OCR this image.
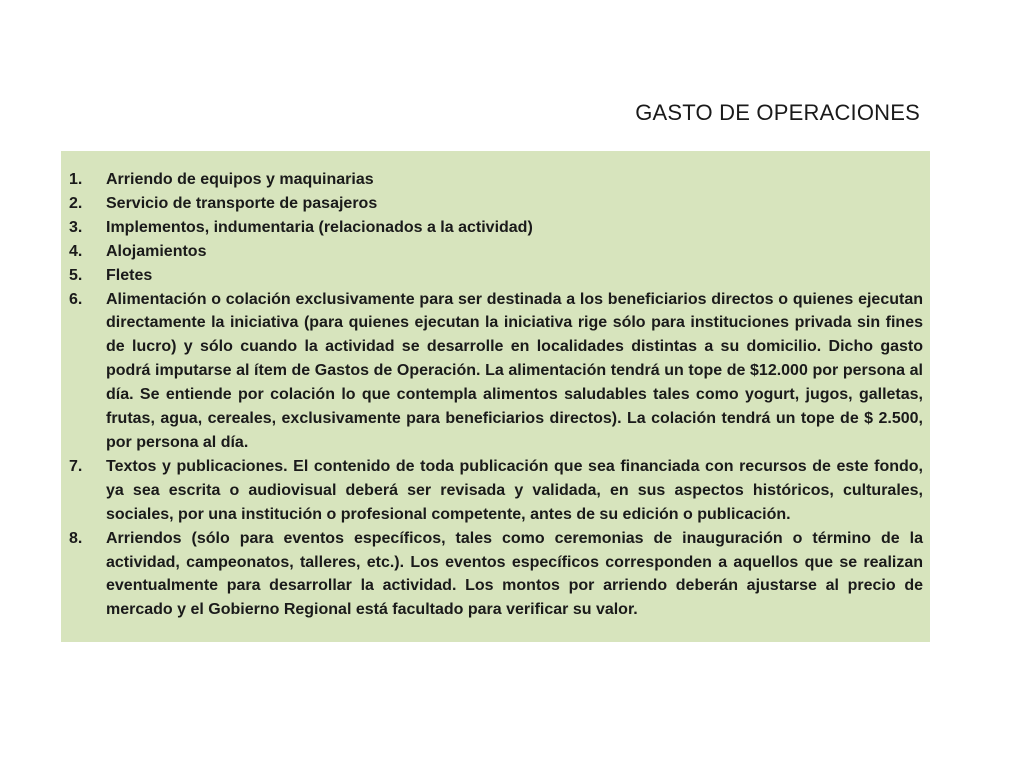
GASTO DE OPERACIONES
1.	Arriendo de equipos y maquinarias
2.	Servicio de transporte de pasajeros
3.	Implementos, indumentaria (relacionados a la actividad)
4.	Alojamientos
5.	Fletes
6.	Alimentación o colación exclusivamente para ser destinada a los beneficiarios directos o quienes ejecutan directamente la iniciativa (para quienes ejecutan la iniciativa rige sólo para instituciones privada sin fines de lucro) y sólo cuando la actividad se desarrolle en localidades distintas a su domicilio. Dicho gasto podrá imputarse al ítem de Gastos de Operación. La alimentación tendrá un tope de $12.000 por persona al día. Se entiende por colación lo que contempla alimentos saludables tales como yogurt, jugos, galletas, frutas, agua, cereales, exclusivamente para beneficiarios directos). La colación tendrá un tope de $ 2.500, por persona al día.
7.	Textos y publicaciones. El contenido de toda publicación que sea financiada con recursos de este fondo, ya sea escrita o audiovisual deberá ser revisada y validada, en sus aspectos históricos, culturales, sociales, por una institución o profesional competente, antes de su edición o publicación.
8.	Arriendos (sólo para eventos específicos, tales como ceremonias de inauguración o término de la actividad, campeonatos, talleres, etc.). Los eventos específicos corresponden a aquellos que se realizan eventualmente para desarrollar la actividad. Los montos por arriendo deberán ajustarse al precio de mercado y el Gobierno Regional está facultado para verificar su valor.
